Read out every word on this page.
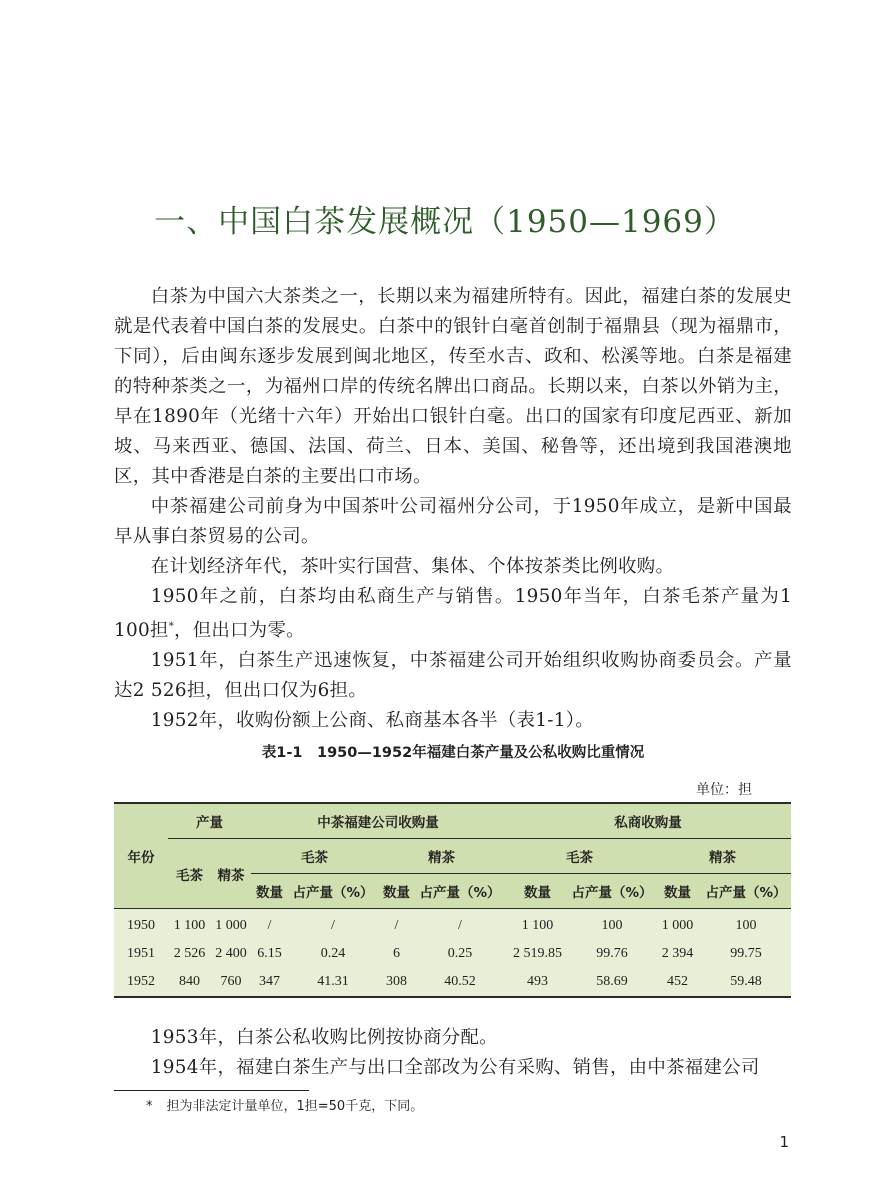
一、中国白茶发展概况（1950—1969）

白茶为中国六大茶类之一，长期以来为福建所特有。因此，福建白茶的发展史就是代表着中国白茶的发展史。白茶中的银针白毫首创制于福鼎县（现为福鼎市，下同），后由闽东逐步发展到闽北地区，传至水吉、政和、松溪等地。白茶是福建的特种茶类之一，为福州口岸的传统名牌出口商品。长期以来，白茶以外销为主，早在1890年（光绪十六年）开始出口银针白毫。出口的国家有印度尼西亚、新加坡、马来西亚、德国、法国、荷兰、日本、美国、秘鲁等，还出境到我国港澳地区，其中香港是白茶的主要出口市场。

中茶福建公司前身为中国茶叶公司福州分公司，于1950年成立，是新中国最早从事白茶贸易的公司。

在计划经济年代，茶叶实行国营、集体、个体按茶类比例收购。

1950年之前，白茶均由私商生产与销售。1950年当年，白茶毛茶产量为1 100担*，但出口为零。

1951年，白茶生产迅速恢复，中茶福建公司开始组织收购协商委员会。产量达2 526担，但出口仅为6担。

1952年，收购份额上公商、私商基本各半（表1-1）。

表1-1　1950—1952年福建白茶产量及公私收购比重情况
单位：担
年份	产量		中茶福建公司收购量				私商收购量			
	毛茶	精茶	毛茶		精茶		毛茶		精茶	
			数量	占产量（%）	数量	占产量（%）	数量	占产量（%）	数量	占产量（%）
1950	1 100	1 000	/	/	/	/	1 100	100	1 000	100
1951	2 526	2 400	6.15	0.24	6	0.25	2 519.85	99.76	2 394	99.75
1952	840	760	347	41.31	308	40.52	493	58.69	452	59.48

1953年，白茶公私收购比例按协商分配。

1954年，福建白茶生产与出口全部改为公有采购、销售，由中茶福建公司

* 担为非法定计量单位，1担=50千克，下同。
1
